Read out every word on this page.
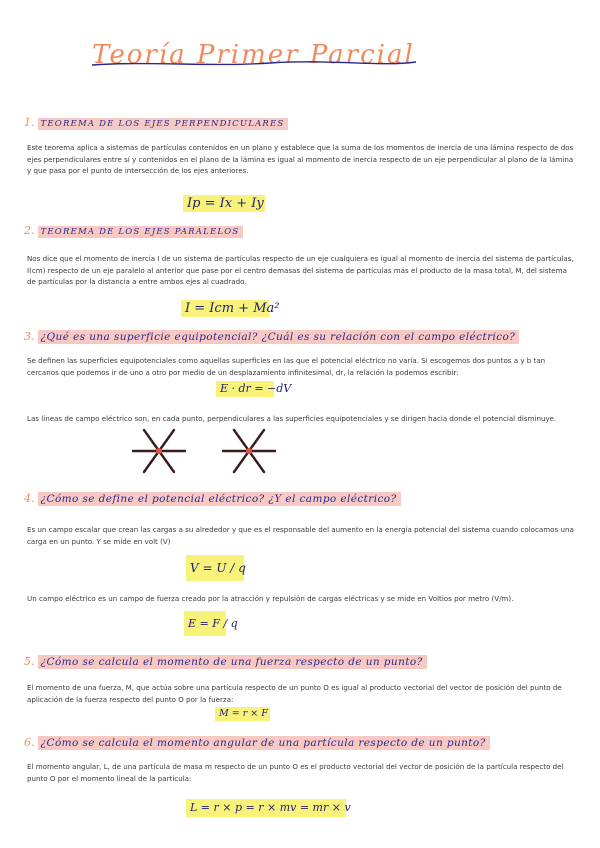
Teoría Primer Parcial
1. TEOREMA DE LOS EJES PERPENDICULARES

Este teorema aplica a sistemas de partículas contenidos en un plano y establece que la suma de los momentos de inercia de una lámina respecto de dos ejes perpendiculares entre sí y contenidos en el plano de la lámina es igual al momento de inercia respecto de un eje perpendicular al plano de la lámina y que pasa por el punto de intersección de los ejes anteriores.

Ip = Ix + Iy
2. TEOREMA DE LOS EJES PARALELOS

Nos dice que el momento de inercia I de un sistema de partículas respecto de un eje cualquiera es igual al momento de inercia del sistema de partículas, I(cm) respecto de un eje paralelo al anterior que pase por el centro demasas del sistema de partículas más el producto de la masa total, M, del sistema de partículas por la distancia a entre ambos ejes al cuadrado.

I = Icm + Ma²
3. ¿Qué es una superficie equipotencial? ¿Cuál es su relación con el campo eléctrico?

Se definen las superficies equipotenciales como aquellas superficies en las que el potencial eléctrico no varía. Si escogemos dos puntos a y b tan cercanos que podemos ir de uno a otro por medio de un desplazamiento infinitesimal, dr, la relación la podemos escribir:

E · dr = −dV

Las líneas de campo eléctrico son, en cada punto, perpendiculares a las superficies equipotenciales y se dirigen hacia donde el potencial disminuye.

4. ¿Cómo se define el potencial eléctrico? ¿Y el campo eléctrico?

Es un campo escalar que crean las cargas a su alrededor y que es el responsable del aumento en la energía potencial del sistema cuando colocamos una carga en un punto. Y se mide en volt (V)

V = U / q

Un campo eléctrico es un campo de fuerza creado por la atracción y repulsión de cargas eléctricas y se mide en Voltios por metro (V/m).

E = F / q
5. ¿Cómo se calcula el momento de una fuerza respecto de un punto?

El momento de una fuerza, M, que actúa sobre una partícula respecto de un punto O es igual al producto vectorial del vector de posición del punto de aplicación de la fuerza respecto del punto O por la fuerza:

M = r × F
6. ¿Cómo se calcula el momento angular de una partícula respecto de un punto?

El momento angular, L, de una partícula de masa m respecto de un punto O es el producto vectorial del vector de posición de la partícula respecto del punto O por el momento lineal de la partícula:

L = r × p = r × mv = mr × v
